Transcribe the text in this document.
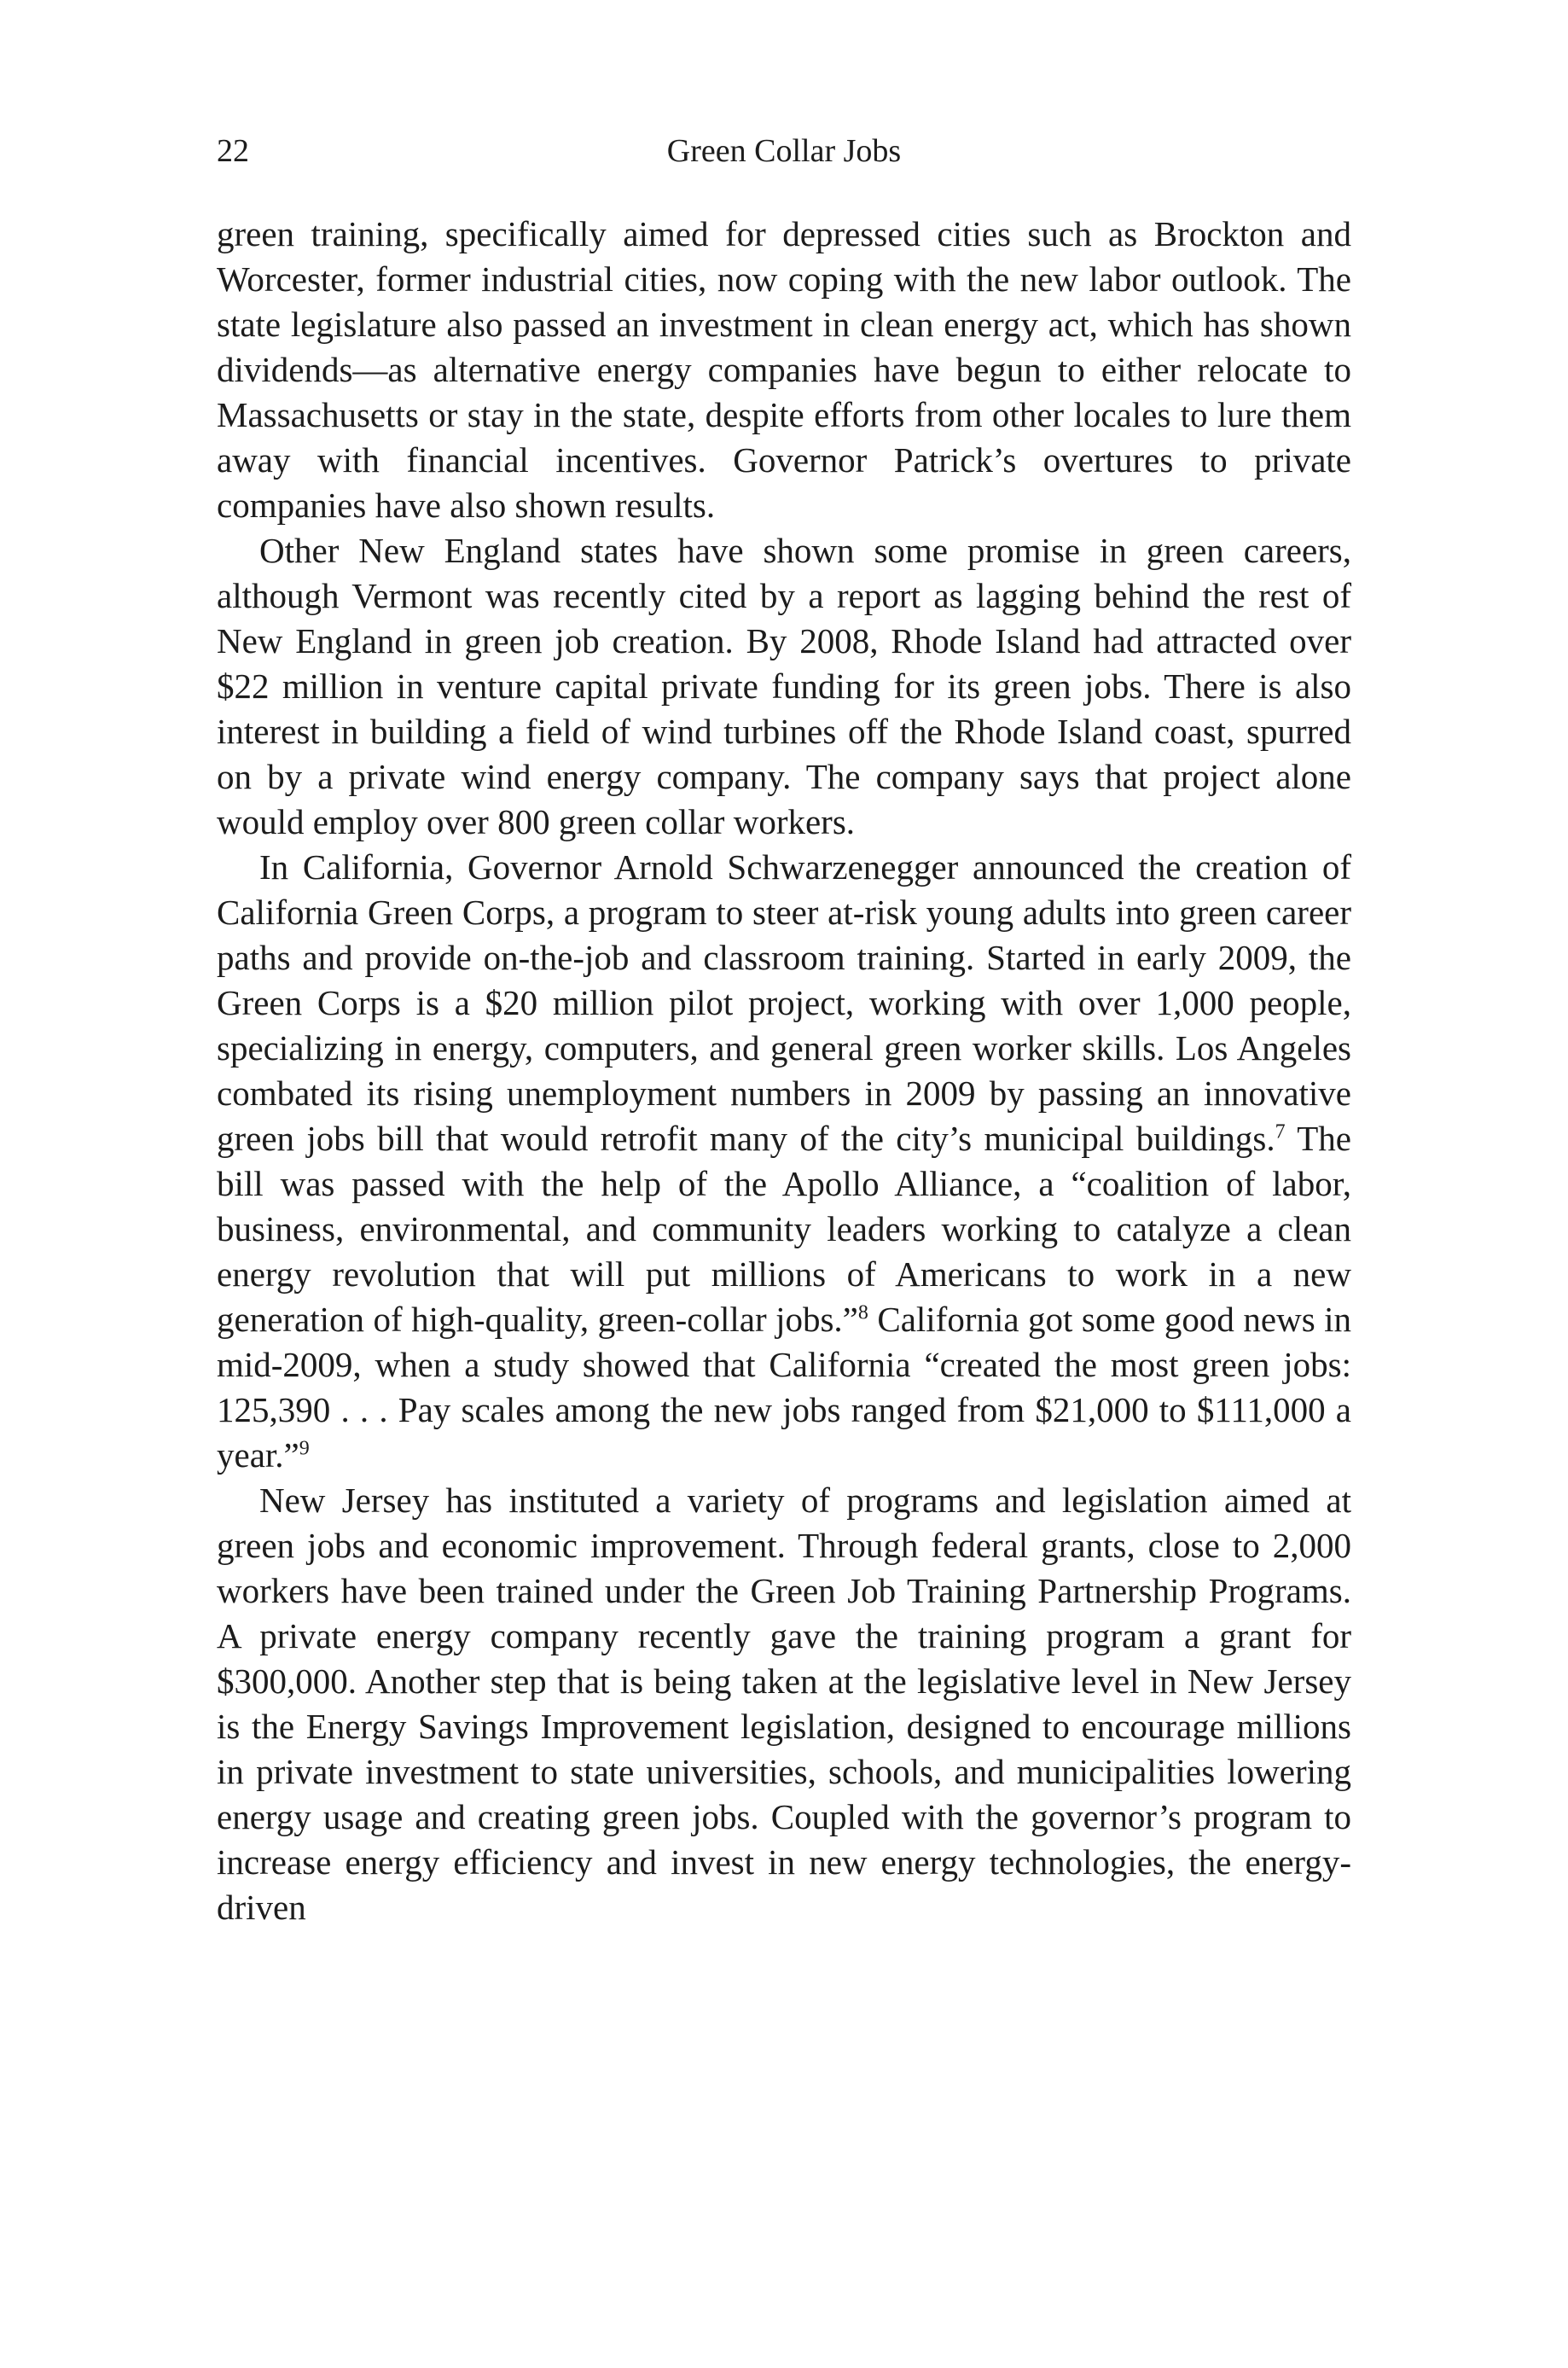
22	Green Collar Jobs

green training, specifically aimed for depressed cities such as Brockton and Worcester, former industrial cities, now coping with the new labor outlook. The state legislature also passed an investment in clean energy act, which has shown dividends—as alternative energy companies have begun to either relocate to Massachusetts or stay in the state, despite efforts from other locales to lure them away with financial incentives. Governor Patrick’s overtures to private companies have also shown results.

Other New England states have shown some promise in green careers, although Vermont was recently cited by a report as lagging behind the rest of New England in green job creation. By 2008, Rhode Island had attracted over $22 million in venture capital private funding for its green jobs. There is also interest in building a field of wind turbines off the Rhode Island coast, spurred on by a private wind energy company. The company says that project alone would employ over 800 green collar workers.

In California, Governor Arnold Schwarzenegger announced the creation of California Green Corps, a program to steer at-risk young adults into green career paths and provide on-the-job and classroom training. Started in early 2009, the Green Corps is a $20 million pilot project, working with over 1,000 people, specializing in energy, computers, and general green worker skills. Los Angeles combated its rising unemployment numbers in 2009 by passing an innovative green jobs bill that would retrofit many of the city’s municipal buildings.$^7$ The bill was passed with the help of the Apollo Alliance, a “coalition of labor, business, environmental, and community leaders working to catalyze a clean energy revolution that will put millions of Americans to work in a new generation of high-quality, green-collar jobs.”$^8$ California got some good news in mid-2009, when a study showed that California “created the most green jobs: 125,390 . . . Pay scales among the new jobs ranged from $21,000 to $111,000 a year.”$^9$

New Jersey has instituted a variety of programs and legislation aimed at green jobs and economic improvement. Through federal grants, close to 2,000 workers have been trained under the Green Job Training Partnership Programs. A private energy company recently gave the training program a grant for $300,000. Another step that is being taken at the legislative level in New Jersey is the Energy Savings Improvement legislation, designed to encourage millions in private investment to state universities, schools, and municipalities lowering energy usage and creating green jobs. Coupled with the governor’s program to increase energy efficiency and invest in new energy technologies, the energy-driven
